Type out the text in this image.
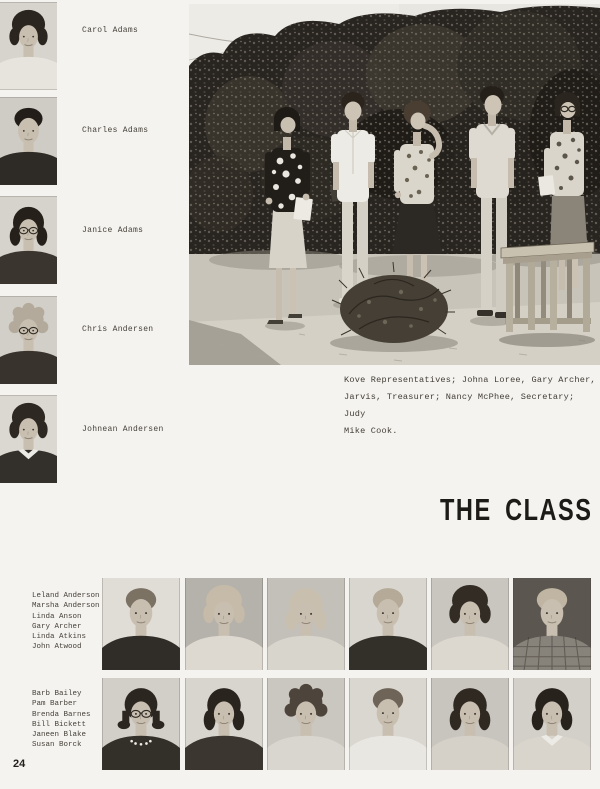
Carol Adams
Charles Adams
Janice Adams
Chris Andersen
Johnean Andersen
Kove Representatives; Johna Loree, Gary Archer,
Jarvis, Treasurer; Nancy McPhee, Secretary; Judy
Mike Cook.
THE CLASS
Leland Anderson
Marsha Anderson
Linda Anson
Gary Archer
Linda Atkins
John Atwood
Barb Bailey
Pam Barber
Brenda Barnes
Bill Bickett
Janeen Blake
Susan Borck
24
